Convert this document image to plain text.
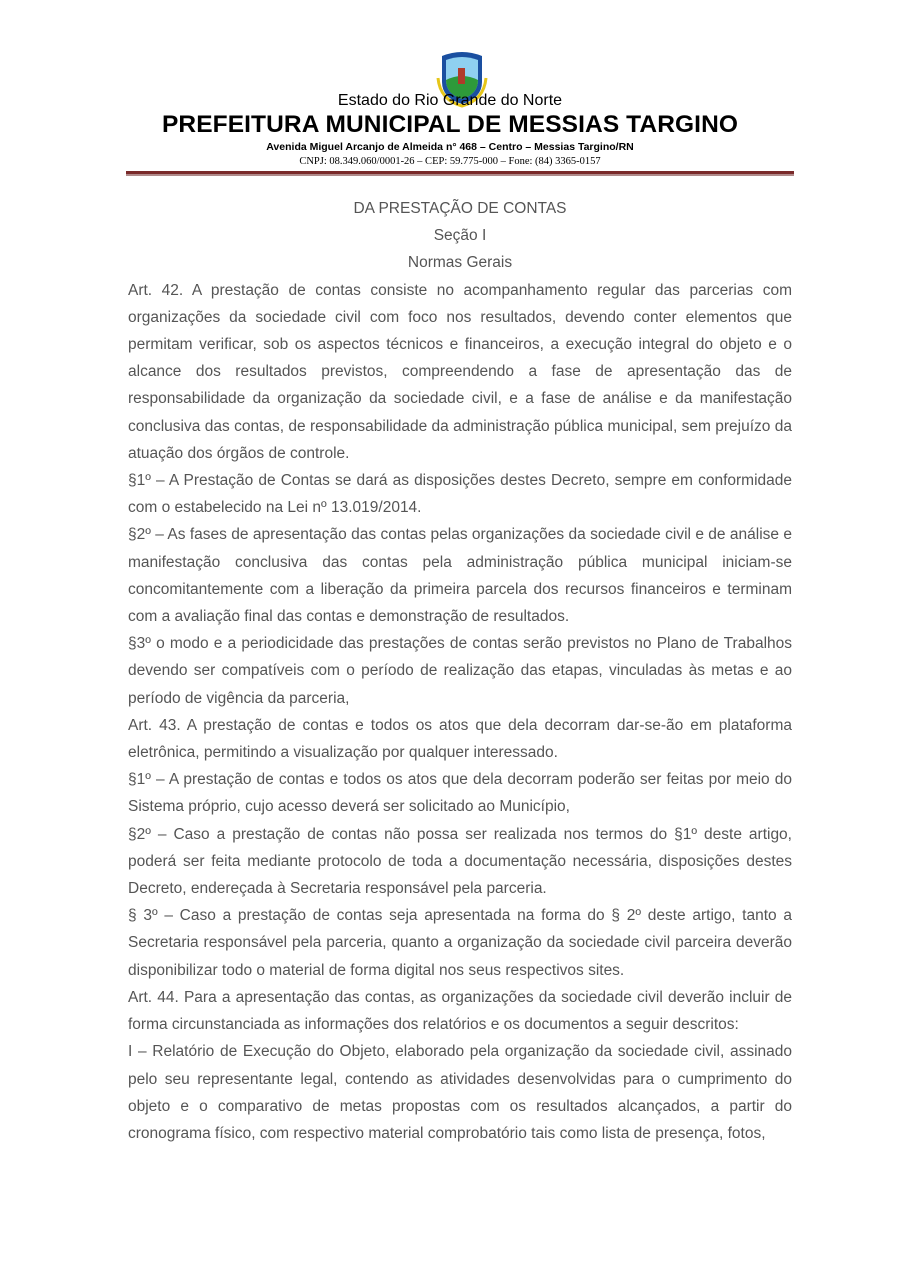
Estado do Rio Grande do Norte
PREFEITURA MUNICIPAL DE MESSIAS TARGINO
Avenida Miguel Arcanjo de Almeida n° 468 – Centro – Messias Targino/RN
CNPJ: 08.349.060/0001-26 – CEP: 59.775-000 – Fone: (84) 3365-0157

DA PRESTAÇÃO DE CONTAS

Seção I

Normas Gerais

Art. 42. A prestação de contas consiste no acompanhamento regular das parcerias com organizações da sociedade civil com foco nos resultados, devendo conter elementos que permitam verificar, sob os aspectos técnicos e financeiros, a execução integral do objeto e o alcance dos resultados previstos, compreendendo a fase de apresentação das de responsabilidade da organização da sociedade civil, e a fase de análise e da manifestação conclusiva das contas, de responsabilidade da administração pública municipal, sem prejuízo da atuação dos órgãos de controle.

§1º – A Prestação de Contas se dará as disposições destes Decreto, sempre em conformidade com o estabelecido na Lei nº 13.019/2014.

§2º – As fases de apresentação das contas pelas organizações da sociedade civil e de análise e manifestação conclusiva das contas pela administração pública municipal iniciam-se concomitantemente com a liberação da primeira parcela dos recursos financeiros e terminam com a avaliação final das contas e demonstração de resultados.

§3º o modo e a periodicidade das prestações de contas serão previstos no Plano de Trabalhos devendo ser compatíveis com o período de realização das etapas, vinculadas às metas e ao período de vigência da parceria,

Art. 43. A prestação de contas e todos os atos que dela decorram dar-se-ão em plataforma eletrônica, permitindo a visualização por qualquer interessado.

§1º – A prestação de contas e todos os atos que dela decorram poderão ser feitas por meio do Sistema próprio, cujo acesso deverá ser solicitado ao Município,

§2º – Caso a prestação de contas não possa ser realizada nos termos do §1º deste artigo, poderá ser feita mediante protocolo de toda a documentação necessária, disposições destes Decreto, endereçada à Secretaria responsável pela parceria.

§ 3º – Caso a prestação de contas seja apresentada na forma do § 2º deste artigo, tanto a Secretaria responsável pela parceria, quanto a organização da sociedade civil parceira deverão disponibilizar todo o material de forma digital nos seus respectivos sites.

Art. 44. Para a apresentação das contas, as organizações da sociedade civil deverão incluir de forma circunstanciada as informações dos relatórios e os documentos a seguir descritos:

I – Relatório de Execução do Objeto, elaborado pela organização da sociedade civil, assinado pelo seu representante legal, contendo as atividades desenvolvidas para o cumprimento do objeto e o comparativo de metas propostas com os resultados alcançados, a partir do cronograma físico, com respectivo material comprobatório tais como lista de presença, fotos,
